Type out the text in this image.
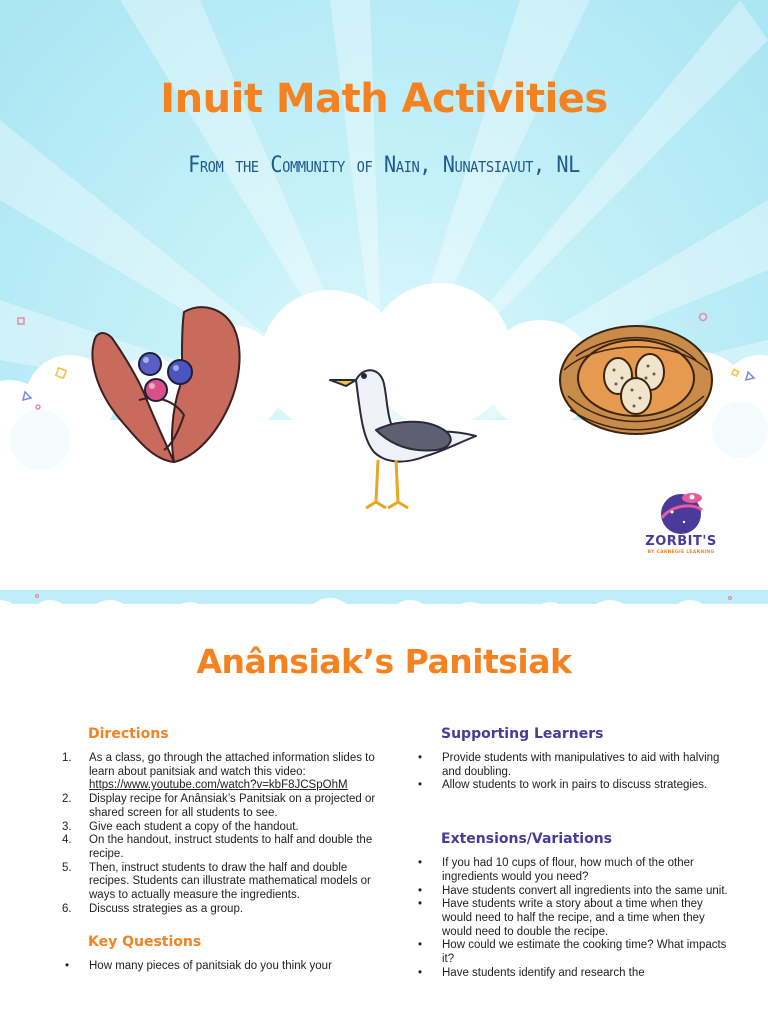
Inuit Math Activities
From the Community of Nain, Nunatsiavut, NL
ZORBIT'S
BY CARNEGIE LEARNING
Anânsiak’s Panitsiak
Directions
1. As a class, go through the attached information slides to learn about panitsiak and watch this video:
https://www.youtube.com/watch?v=kbF8JCSpOhM
2. Display recipe for Anânsiak’s Panitsiak on a projected or shared screen for all students to see.
3. Give each student a copy of the handout.
4. On the handout, instruct students to half and double the recipe.
5. Then, instruct students to draw the half and double recipes. Students can illustrate mathematical models or ways to actually measure the ingredients.
6. Discuss strategies as a group.
Key Questions
• How many pieces of panitsiak do you think your
Supporting Learners
• Provide students with manipulatives to aid with halving and doubling.
• Allow students to work in pairs to discuss strategies.
Extensions/Variations
• If you had 10 cups of flour, how much of the other ingredients would you need?
• Have students convert all ingredients into the same unit.
• Have students write a story about a time when they would need to half the recipe, and a time when they would need to double the recipe.
• How could we estimate the cooking time? What impacts it?
• Have students identify and research the
